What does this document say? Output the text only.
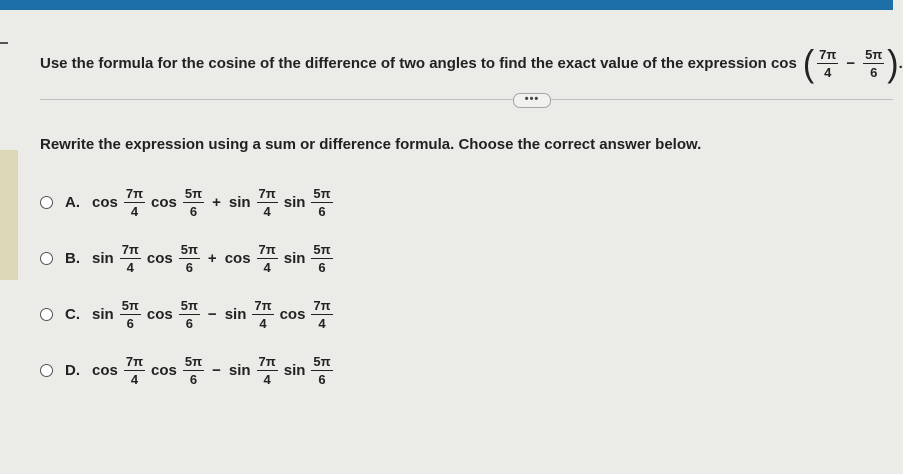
Use the formula for the cosine of the difference of two angles to find the exact value of the expression cos ( $\frac{7\pi}{4} - \frac{5\pi}{6}$ ) .
•••
Rewrite the expression using a sum or difference formula. Choose the correct answer below.
A. $\cos \frac{7\pi}{4}$ $\cos \frac{5\pi}{6} + \sin \frac{7\pi}{4}$ $\sin \frac{5\pi}{6}$
B. $\sin \frac{7\pi}{4}$ $\cos \frac{5\pi}{6} + \cos \frac{7\pi}{4}$ $\sin \frac{5\pi}{6}$
C. $\sin \frac{5\pi}{6}$ $\cos \frac{5\pi}{6} - \sin \frac{7\pi}{4}$ $\cos \frac{7\pi}{4}$
D. $\cos \frac{7\pi}{4}$ $\cos \frac{5\pi}{6} - \sin \frac{7\pi}{4}$ $\sin \frac{5\pi}{6}$
